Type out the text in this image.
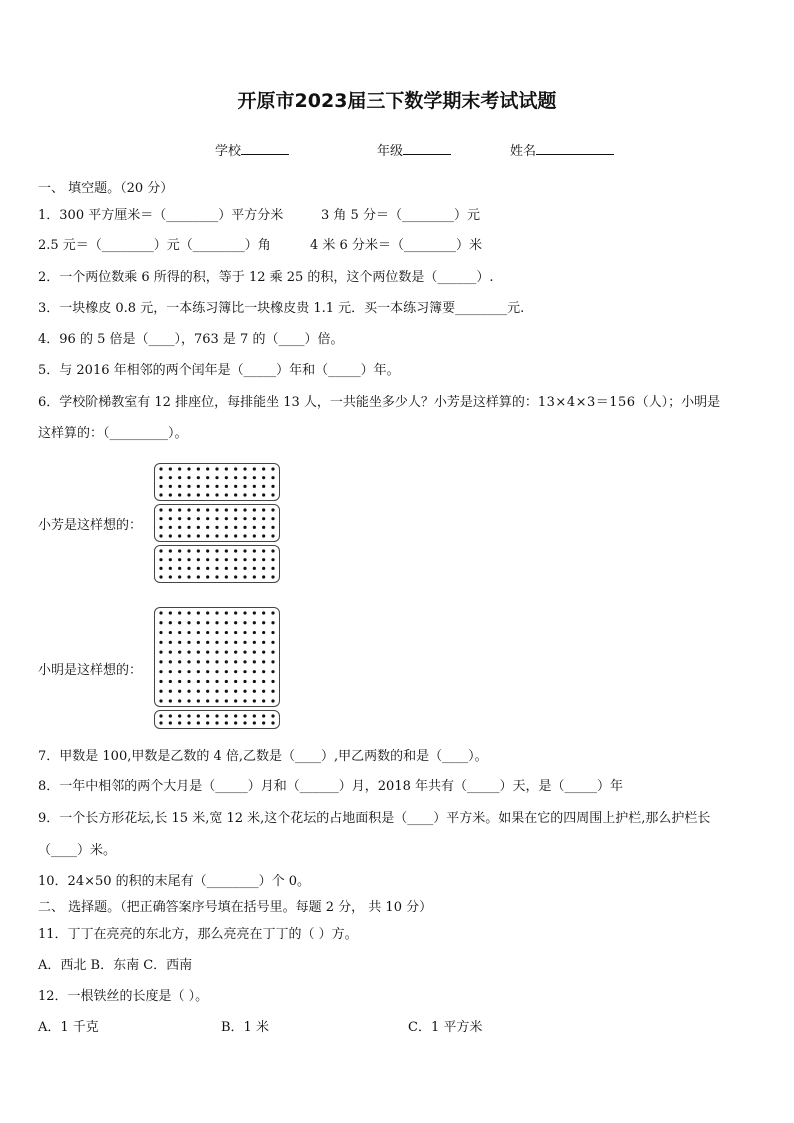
开原市2023届三下数学期末考试试题
学校	年级	姓名
一、 填空题。（20 分）
1．300 平方厘米＝（________）平方分米	3 角 5 分＝（________）元
2.5 元＝（________）元（________）角	4 米 6 分米＝（________）米
2．一个两位数乘 6 所得的积，等于 12 乘 25 的积，这个两位数是（______）.
3．一块橡皮 0.8 元，一本练习簿比一块橡皮贵 1.1 元．买一本练习簿要________元.
4．96 的 5 倍是（____），763 是 7 的（____）倍。
5．与 2016 年相邻的两个闰年是（_____）年和（_____）年。
6．学校阶梯教室有 12 排座位，每排能坐 13 人，一共能坐多少人？小芳是这样算的：13×4×3＝156（人）；小明是
这样算的：（_________）。
小芳是这样想的：
小明是这样想的：
7．甲数是 100,甲数是乙数的 4 倍,乙数是（____）,甲乙两数的和是（____）。
8．一年中相邻的两个大月是（_____）月和（______）月，2018 年共有（_____）天，是（_____）年
9．一个长方形花坛,长 15 米,宽 12 米,这个花坛的占地面积是（____）平方米。如果在它的四周围上护栏,那么护栏长
（____）米。
10．24×50 的积的末尾有（________）个 0。
二、 选择题。（把正确答案序号填在括号里。每题 2 分， 共 10 分）
11．丁丁在亮亮的东北方，那么亮亮在丁丁的（ ）方。
A．西北 B．东南 C．西南
12．一根铁丝的长度是（ ）。
A．1 千克	B．1 米	C．1 平方米
